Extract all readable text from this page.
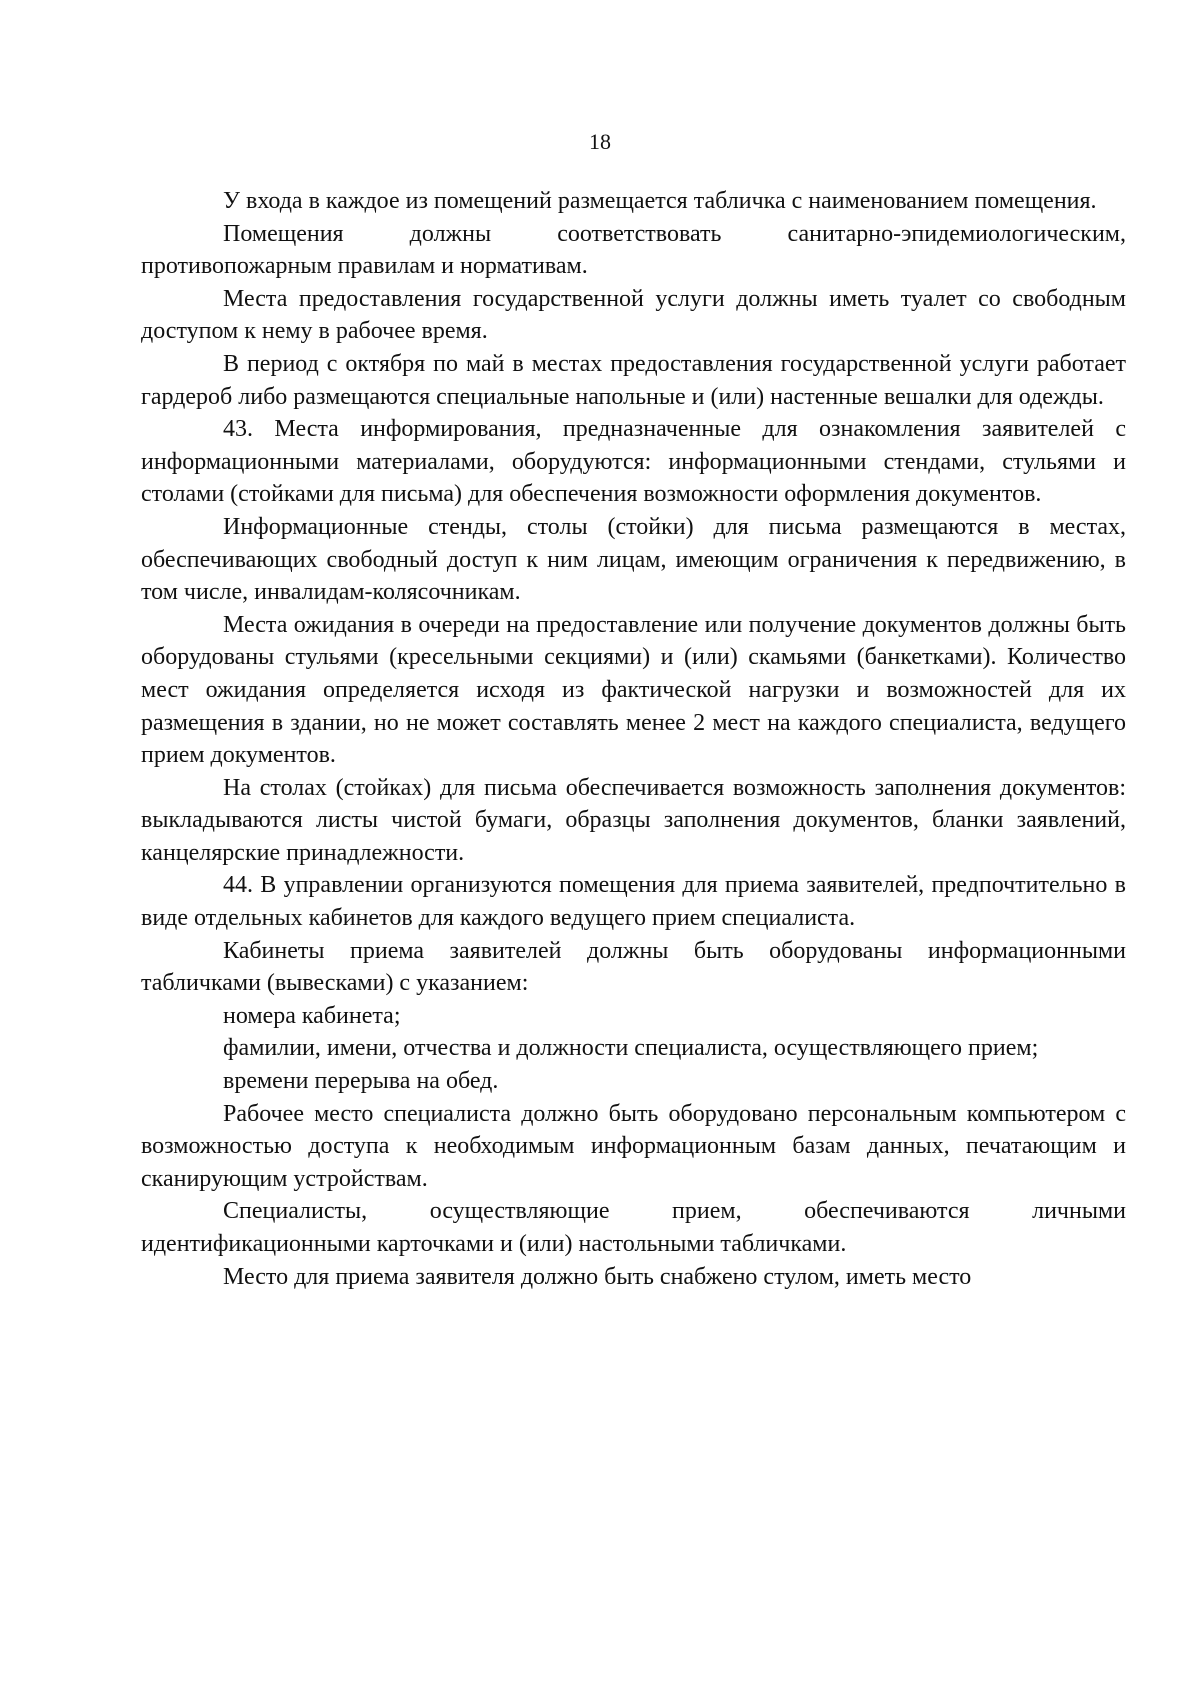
18

У входа в каждое из помещений размещается табличка с наименованием помещения.

Помещения должны соответствовать санитарно-эпидемиологическим, противопожарным правилам и нормативам.

Места предоставления государственной услуги должны иметь туалет со свободным доступом к нему в рабочее время.

В период с октября по май в местах предоставления государственной услуги работает гардероб либо размещаются специальные напольные и (или) настенные вешалки для одежды.

43. Места информирования, предназначенные для ознакомления заявителей с информационными материалами, оборудуются: информационными стендами, стульями и столами (стойками для письма) для обеспечения возможности оформления документов.

Информационные стенды, столы (стойки) для письма размещаются в местах, обеспечивающих свободный доступ к ним лицам, имеющим ограничения к передвижению, в том числе, инвалидам-колясочникам.

Места ожидания в очереди на предоставление или получение документов должны быть оборудованы стульями (кресельными секциями) и (или) скамьями (банкетками). Количество мест ожидания определяется исходя из фактической нагрузки и возможностей для их размещения в здании, но не может составлять менее 2 мест на каждого специалиста, ведущего прием документов.

На столах (стойках) для письма обеспечивается возможность заполнения документов: выкладываются листы чистой бумаги, образцы заполнения документов, бланки заявлений, канцелярские принадлежности.

44. В управлении организуются помещения для приема заявителей, предпочтительно в виде отдельных кабинетов для каждого ведущего прием специалиста.

Кабинеты приема заявителей должны быть оборудованы информационными табличками (вывесками) с указанием:

номера кабинета;

фамилии, имени, отчества и должности специалиста, осуществляющего прием;

времени перерыва на обед.

Рабочее место специалиста должно быть оборудовано персональным компьютером с возможностью доступа к необходимым информационным базам данных, печатающим и сканирующим устройствам.

Специалисты, осуществляющие прием, обеспечиваются личными идентификационными карточками и (или) настольными табличками.

Место для приема заявителя должно быть снабжено стулом, иметь место
